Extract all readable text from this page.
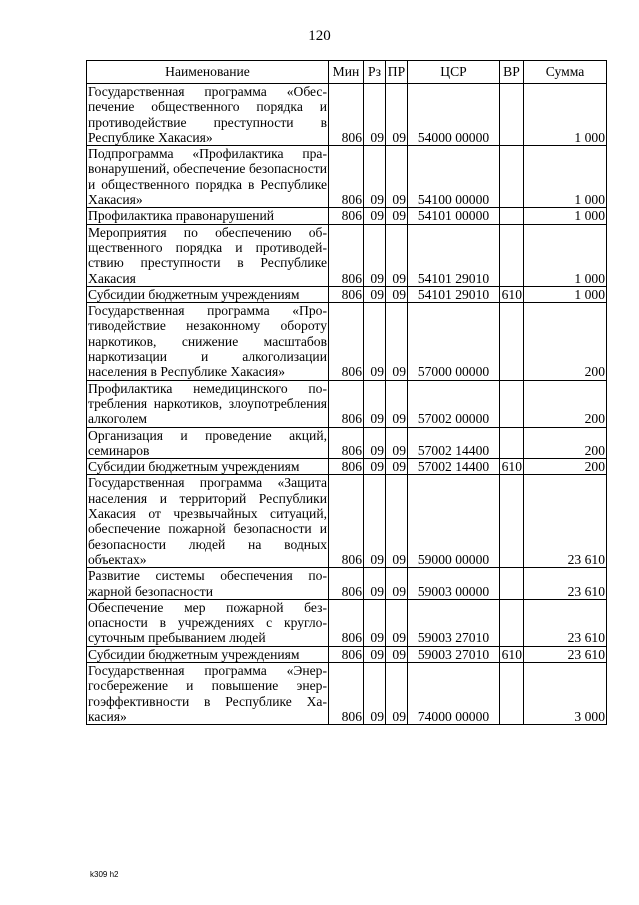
120
Наименование	Мин	Рз	ПР	ЦСР	ВР	Сумма
Государственная программа «Обеспечение общественного порядка и противодействие преступности в Республике Хакасия»	806	09	09	54000 00000		1 000
Подпрограмма «Профилактика правонарушений, обеспечение безопасности и общественного порядка в Республике Хакасия»	806	09	09	54100 00000		1 000
Профилактика правонарушений	806	09	09	54101 00000		1 000
Мероприятия по обеспечению общественного порядка и противодействию преступности в Республике Хакасия	806	09	09	54101 29010		1 000
Субсидии бюджетным учреждениям	806	09	09	54101 29010	610	1 000
Государственная программа «Противодействие незаконному обороту наркотиков, снижение масштабов наркотизации и алкоголизации населения в Республике Хакасия»	806	09	09	57000 00000		200
Профилактика немедицинского потребления наркотиков, злоупотребления алкоголем	806	09	09	57002 00000		200
Организация и проведение акций, семинаров	806	09	09	57002 14400		200
Субсидии бюджетным учреждениям	806	09	09	57002 14400	610	200
Государственная программа «Защита населения и территорий Республики Хакасия от чрезвычайных ситуаций, обеспечение пожарной безопасности и безопасности людей на водных объектах»	806	09	09	59000 00000		23 610
Развитие системы обеспечения пожарной безопасности	806	09	09	59003 00000		23 610
Обеспечение мер пожарной безопасности в учреждениях с круглосуточным пребыванием людей	806	09	09	59003 27010		23 610
Субсидии бюджетным учреждениям	806	09	09	59003 27010	610	23 610
Государственная программа «Энергосбережение и повышение энергоэффективности в Республике Хакасия»	806	09	09	74000 00000		3 000
k309 h2
